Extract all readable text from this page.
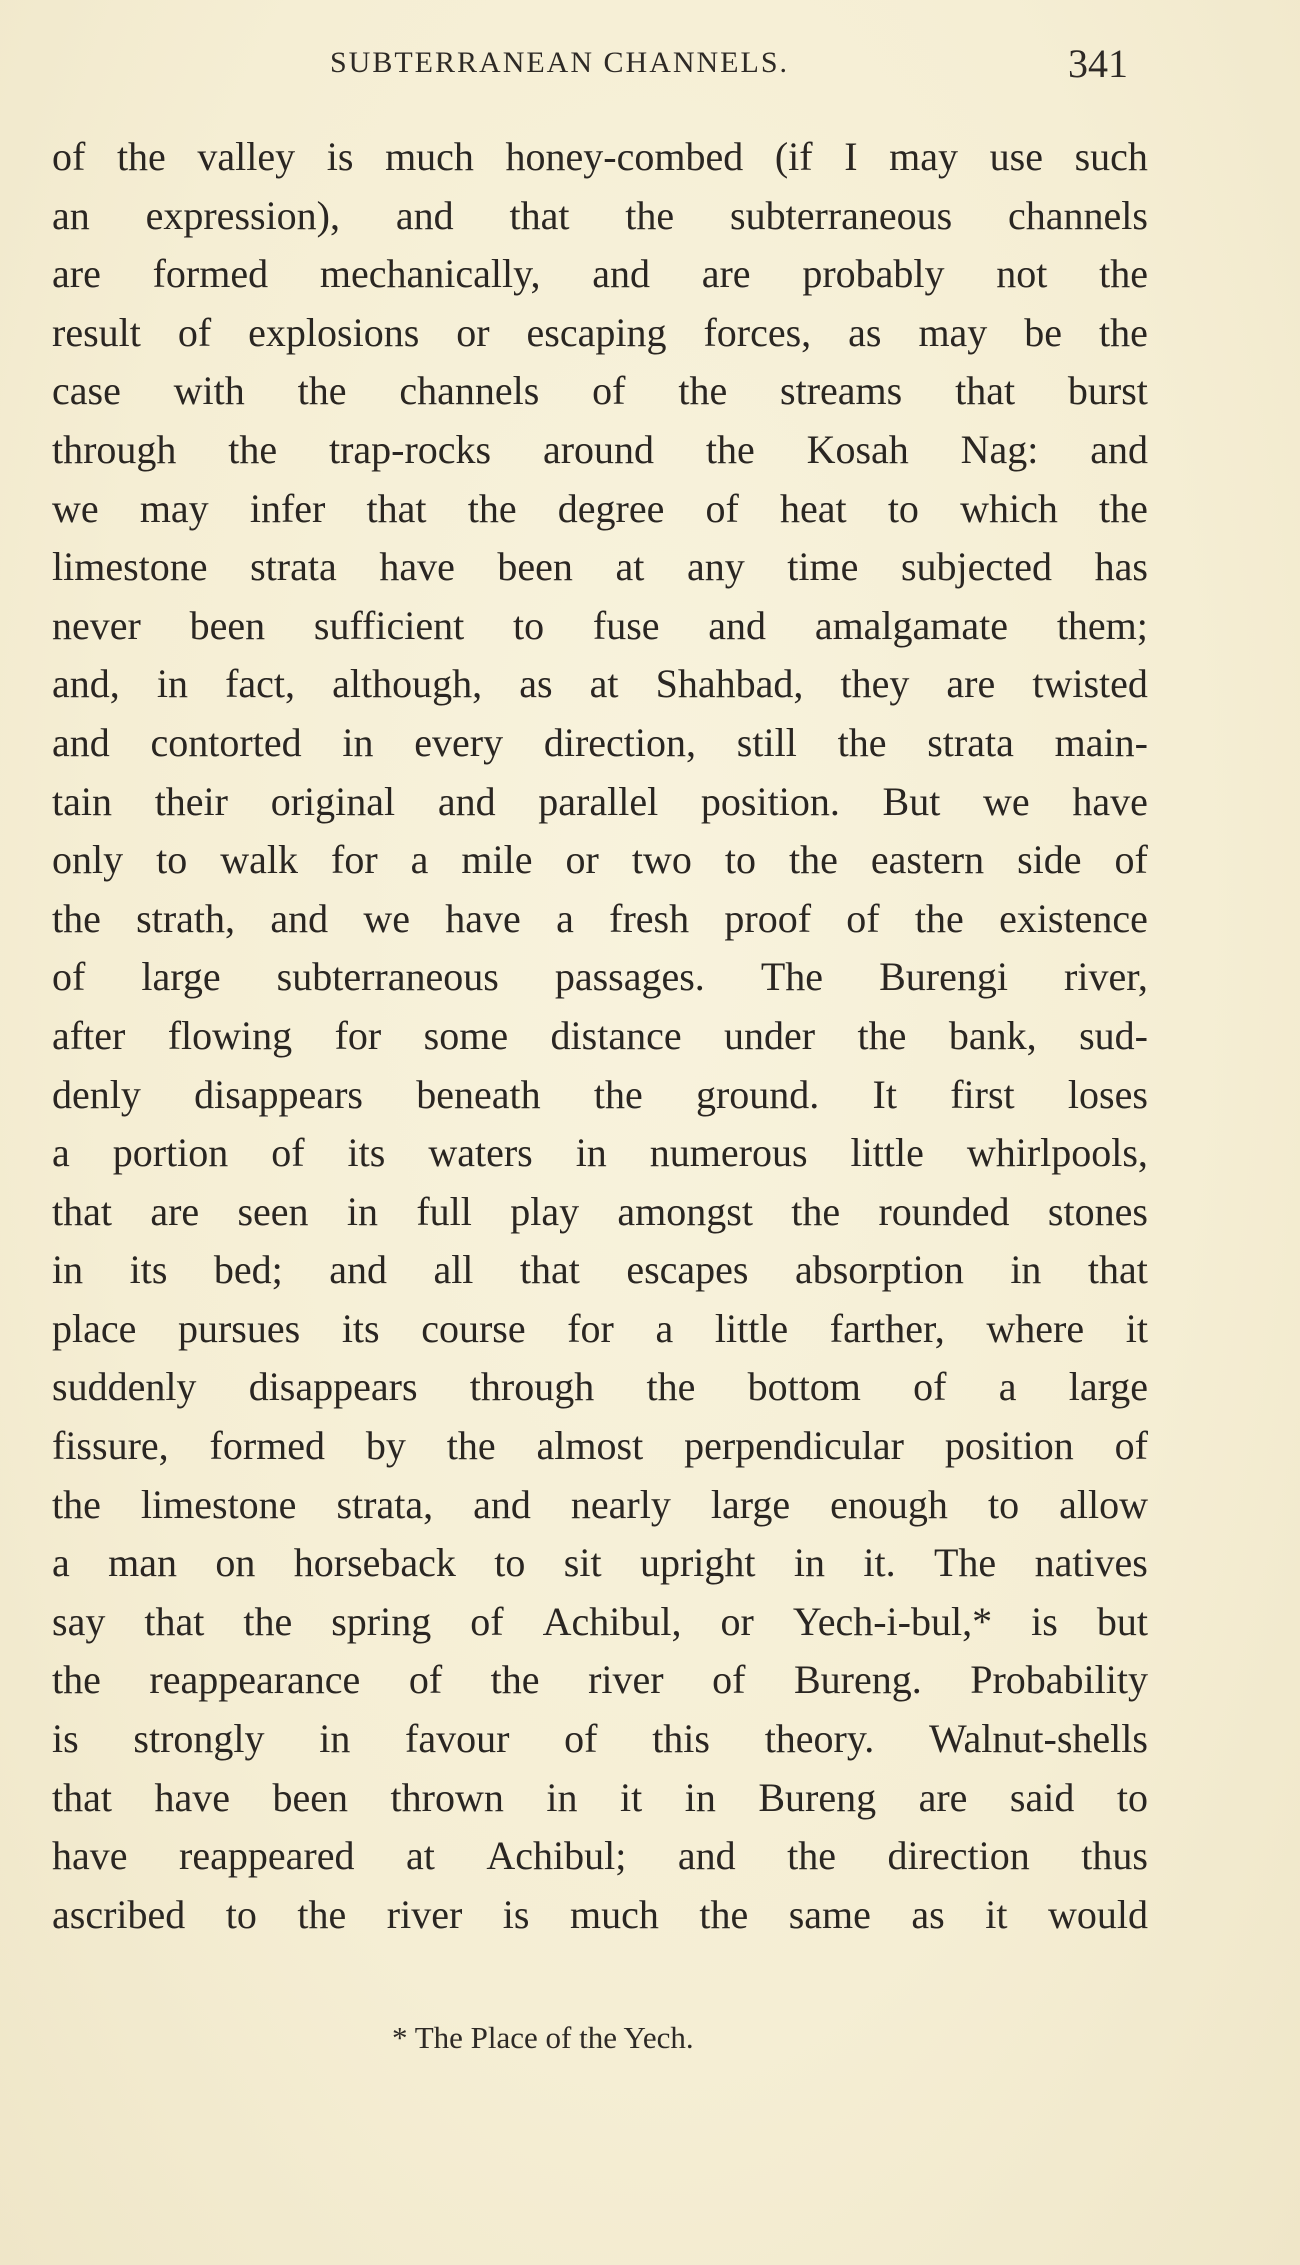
SUBTERRANEAN CHANNELS.	341
of the valley is much honey-combed (if I may use such
an expression), and that the subterraneous channels
are formed mechanically, and are probably not the
result of explosions or escaping forces, as may be the
case with the channels of the streams that burst
through the trap-rocks around the Kosah Nag: and
we may infer that the degree of heat to which the
limestone strata have been at any time subjected has
never been sufficient to fuse and amalgamate them;
and, in fact, although, as at Shahbad, they are twisted
and contorted in every direction, still the strata main-
tain their original and parallel position. But we have
only to walk for a mile or two to the eastern side of
the strath, and we have a fresh proof of the existence
of large subterraneous passages. The Burengi river,
after flowing for some distance under the bank, sud-
denly disappears beneath the ground. It first loses
a portion of its waters in numerous little whirlpools,
that are seen in full play amongst the rounded stones
in its bed; and all that escapes absorption in that
place pursues its course for a little farther, where it
suddenly disappears through the bottom of a large
fissure, formed by the almost perpendicular position of
the limestone strata, and nearly large enough to allow
a man on horseback to sit upright in it. The natives
say that the spring of Achibul, or Yech-i-bul,* is but
the reappearance of the river of Bureng. Probability
is strongly in favour of this theory. Walnut-shells
that have been thrown in it in Bureng are said to
have reappeared at Achibul; and the direction thus
ascribed to the river is much the same as it would
* The Place of the Yech.
